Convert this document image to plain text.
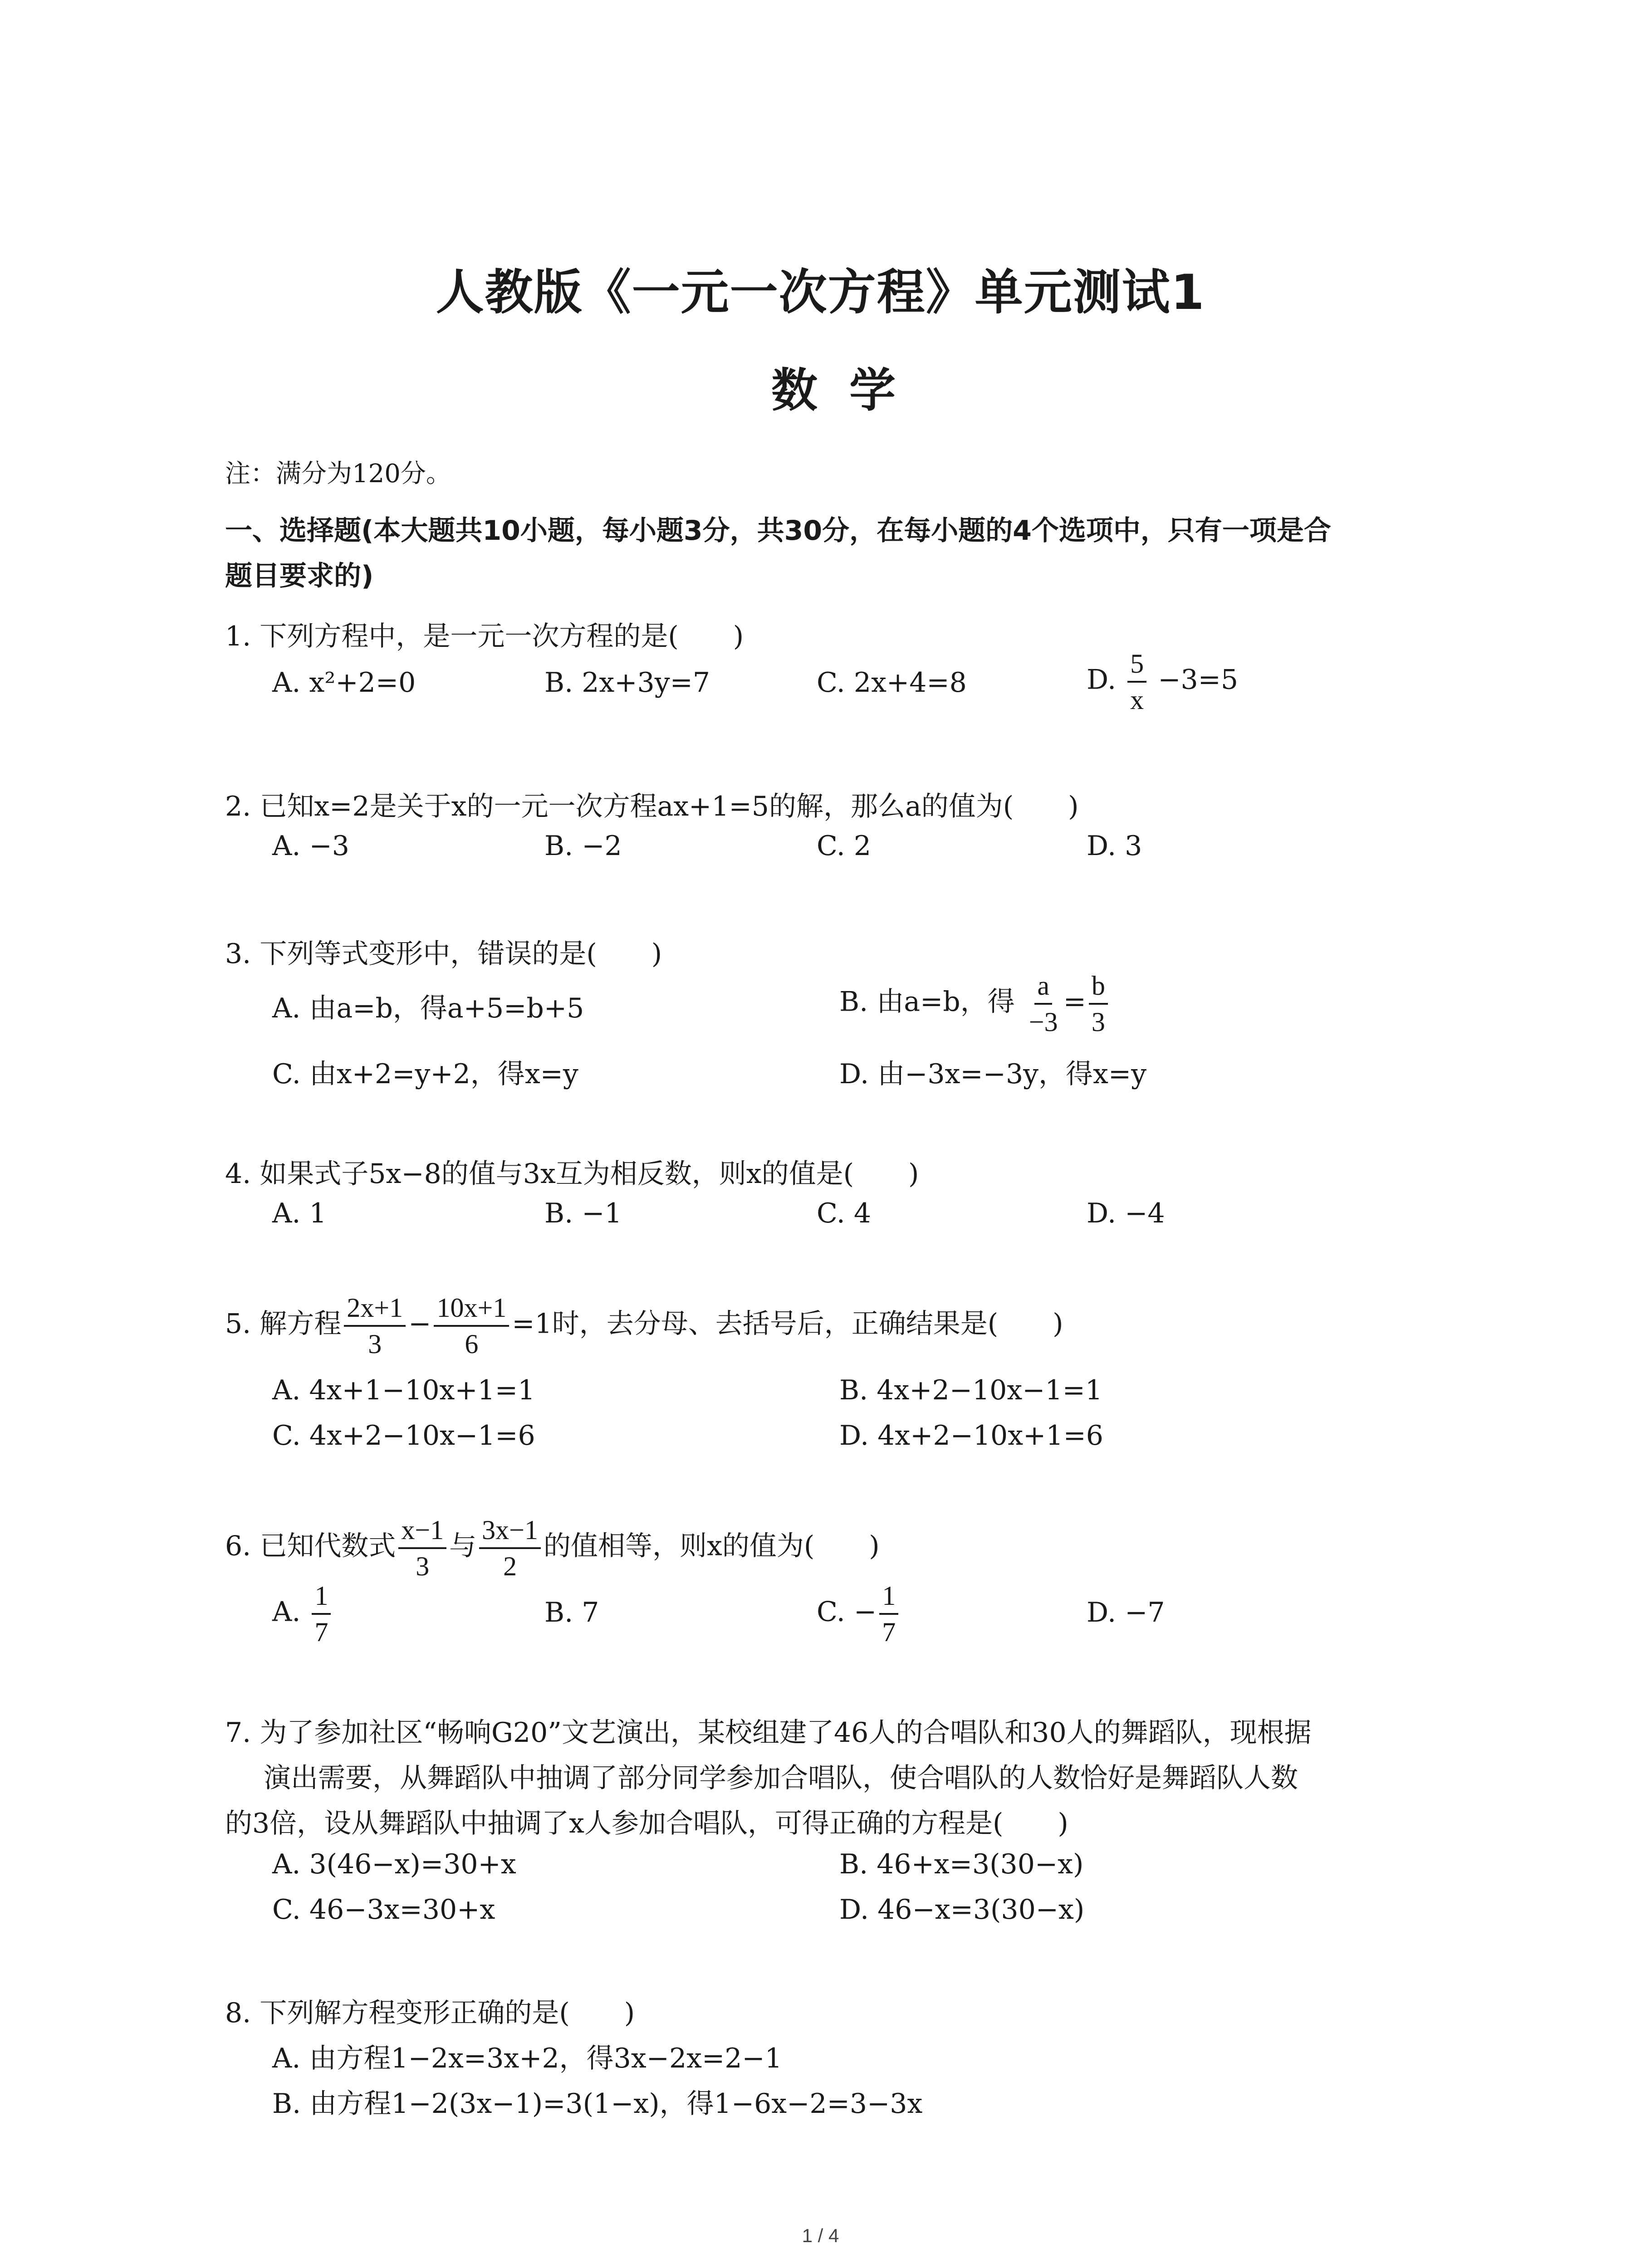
人教版《一元一次方程》单元测试1
数学
注：满分为120分。
一、选择题(本大题共10小题，每小题3分，共30分，在每小题的4个选项中，只有一项是合
题目要求的)
1. 下列方程中，是一元一次方程的是(　　)
A. x²+2=0	B. 2x+3y=7	C. 2x+4=8	D. $\frac{5}{x} -3=5$
2. 已知x=2是关于x的一元一次方程ax+1=5的解，那么a的值为(　　)
A. −3	B. −2	C. 2	D. 3
3. 下列等式变形中，错误的是(　　)
A. 由a=b，得a+5=b+5	B. 由a=b，得 $\frac{a}{-3} = \frac{b}{3}$
C. 由x+2=y+2，得x=y	D. 由−3x=−3y，得x=y
4. 如果式子5x−8的值与3x互为相反数，则x的值是(　　)
A. 1	B. −1	C. 4	D. −4
5. 解方程 $\frac{2x+1}{3} - \frac{10x+1}{6} =1$时，去分母、去括号后，正确结果是(　　)
A. 4x+1−10x+1=1	B. 4x+2−10x−1=1
C. 4x+2−10x−1=6	D. 4x+2−10x+1=6
6. 已知代数式 $\frac{x-1}{3}$ 与 $\frac{3x-1}{2}$ 的值相等，则x的值为(　　)
A. $\frac{1}{7}$	B. 7	C. − $\frac{1}{7}$	D. −7
7. 为了参加社区“畅响G20”文艺演出，某校组建了46人的合唱队和30人的舞蹈队，现根据
演出需要，从舞蹈队中抽调了部分同学参加合唱队，使合唱队的人数恰好是舞蹈队人数
的3倍，设从舞蹈队中抽调了x人参加合唱队，可得正确的方程是(　　)
A. 3(46−x)=30+x	B. 46+x=3(30−x)
C. 46−3x=30+x	D. 46−x=3(30−x)
8. 下列解方程变形正确的是(　　)
A. 由方程1−2x=3x+2，得3x−2x=2−1
B. 由方程1−2(3x−1)=3(1−x)，得1−6x−2=3−3x
1 / 4
